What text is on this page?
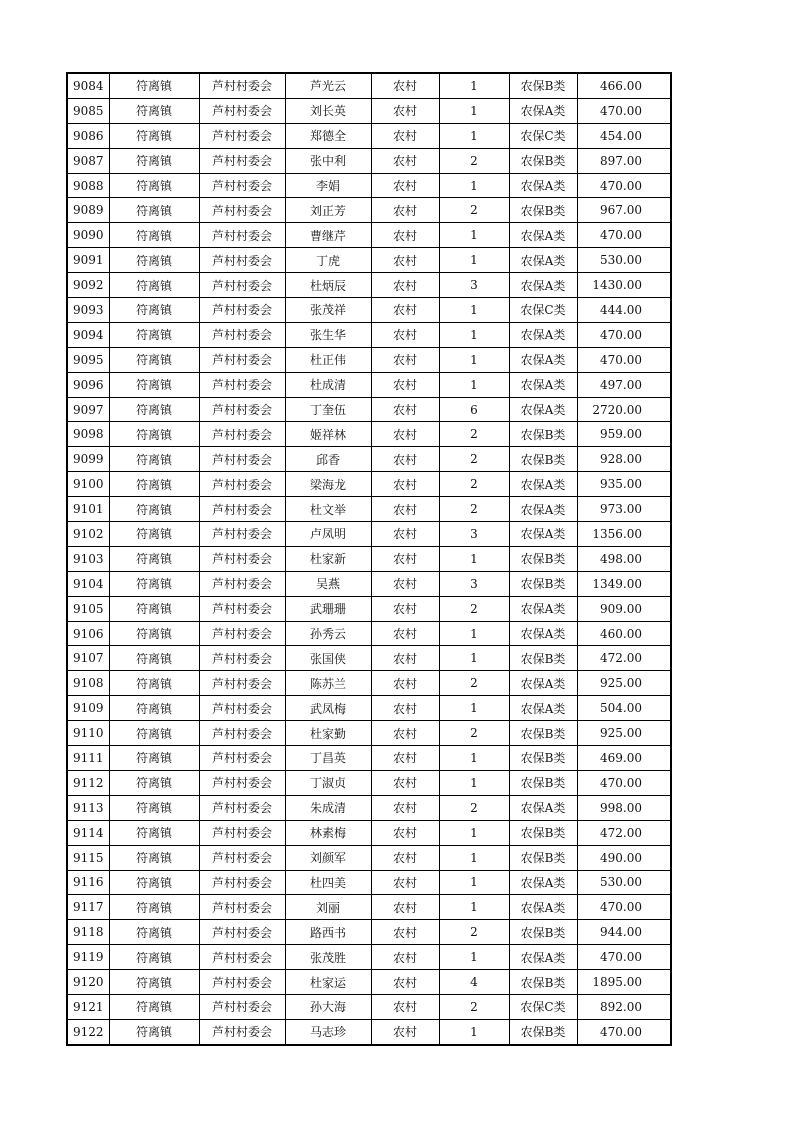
9084	符离镇	芦村村委会	芦光云	农村	1	农保B类	466.00
9085	符离镇	芦村村委会	刘长英	农村	1	农保A类	470.00
9086	符离镇	芦村村委会	郑德全	农村	1	农保C类	454.00
9087	符离镇	芦村村委会	张中利	农村	2	农保B类	897.00
9088	符离镇	芦村村委会	李娟	农村	1	农保A类	470.00
9089	符离镇	芦村村委会	刘正芳	农村	2	农保B类	967.00
9090	符离镇	芦村村委会	曹继芹	农村	1	农保A类	470.00
9091	符离镇	芦村村委会	丁虎	农村	1	农保A类	530.00
9092	符离镇	芦村村委会	杜炳辰	农村	3	农保A类	1430.00
9093	符离镇	芦村村委会	张茂祥	农村	1	农保C类	444.00
9094	符离镇	芦村村委会	张生华	农村	1	农保A类	470.00
9095	符离镇	芦村村委会	杜正伟	农村	1	农保A类	470.00
9096	符离镇	芦村村委会	杜成清	农村	1	农保A类	497.00
9097	符离镇	芦村村委会	丁奎伍	农村	6	农保A类	2720.00
9098	符离镇	芦村村委会	姬祥林	农村	2	农保B类	959.00
9099	符离镇	芦村村委会	邱香	农村	2	农保B类	928.00
9100	符离镇	芦村村委会	梁海龙	农村	2	农保A类	935.00
9101	符离镇	芦村村委会	杜文举	农村	2	农保A类	973.00
9102	符离镇	芦村村委会	卢凤明	农村	3	农保A类	1356.00
9103	符离镇	芦村村委会	杜家新	农村	1	农保B类	498.00
9104	符离镇	芦村村委会	吴燕	农村	3	农保B类	1349.00
9105	符离镇	芦村村委会	武珊珊	农村	2	农保A类	909.00
9106	符离镇	芦村村委会	孙秀云	农村	1	农保A类	460.00
9107	符离镇	芦村村委会	张国侠	农村	1	农保B类	472.00
9108	符离镇	芦村村委会	陈苏兰	农村	2	农保A类	925.00
9109	符离镇	芦村村委会	武凤梅	农村	1	农保A类	504.00
9110	符离镇	芦村村委会	杜家勤	农村	2	农保B类	925.00
9111	符离镇	芦村村委会	丁昌英	农村	1	农保B类	469.00
9112	符离镇	芦村村委会	丁淑贞	农村	1	农保B类	470.00
9113	符离镇	芦村村委会	朱成清	农村	2	农保A类	998.00
9114	符离镇	芦村村委会	林素梅	农村	1	农保B类	472.00
9115	符离镇	芦村村委会	刘颜军	农村	1	农保B类	490.00
9116	符离镇	芦村村委会	杜四美	农村	1	农保A类	530.00
9117	符离镇	芦村村委会	刘丽	农村	1	农保A类	470.00
9118	符离镇	芦村村委会	路西书	农村	2	农保B类	944.00
9119	符离镇	芦村村委会	张茂胜	农村	1	农保A类	470.00
9120	符离镇	芦村村委会	杜家运	农村	4	农保B类	1895.00
9121	符离镇	芦村村委会	孙大海	农村	2	农保C类	892.00
9122	符离镇	芦村村委会	马志珍	农村	1	农保B类	470.00
